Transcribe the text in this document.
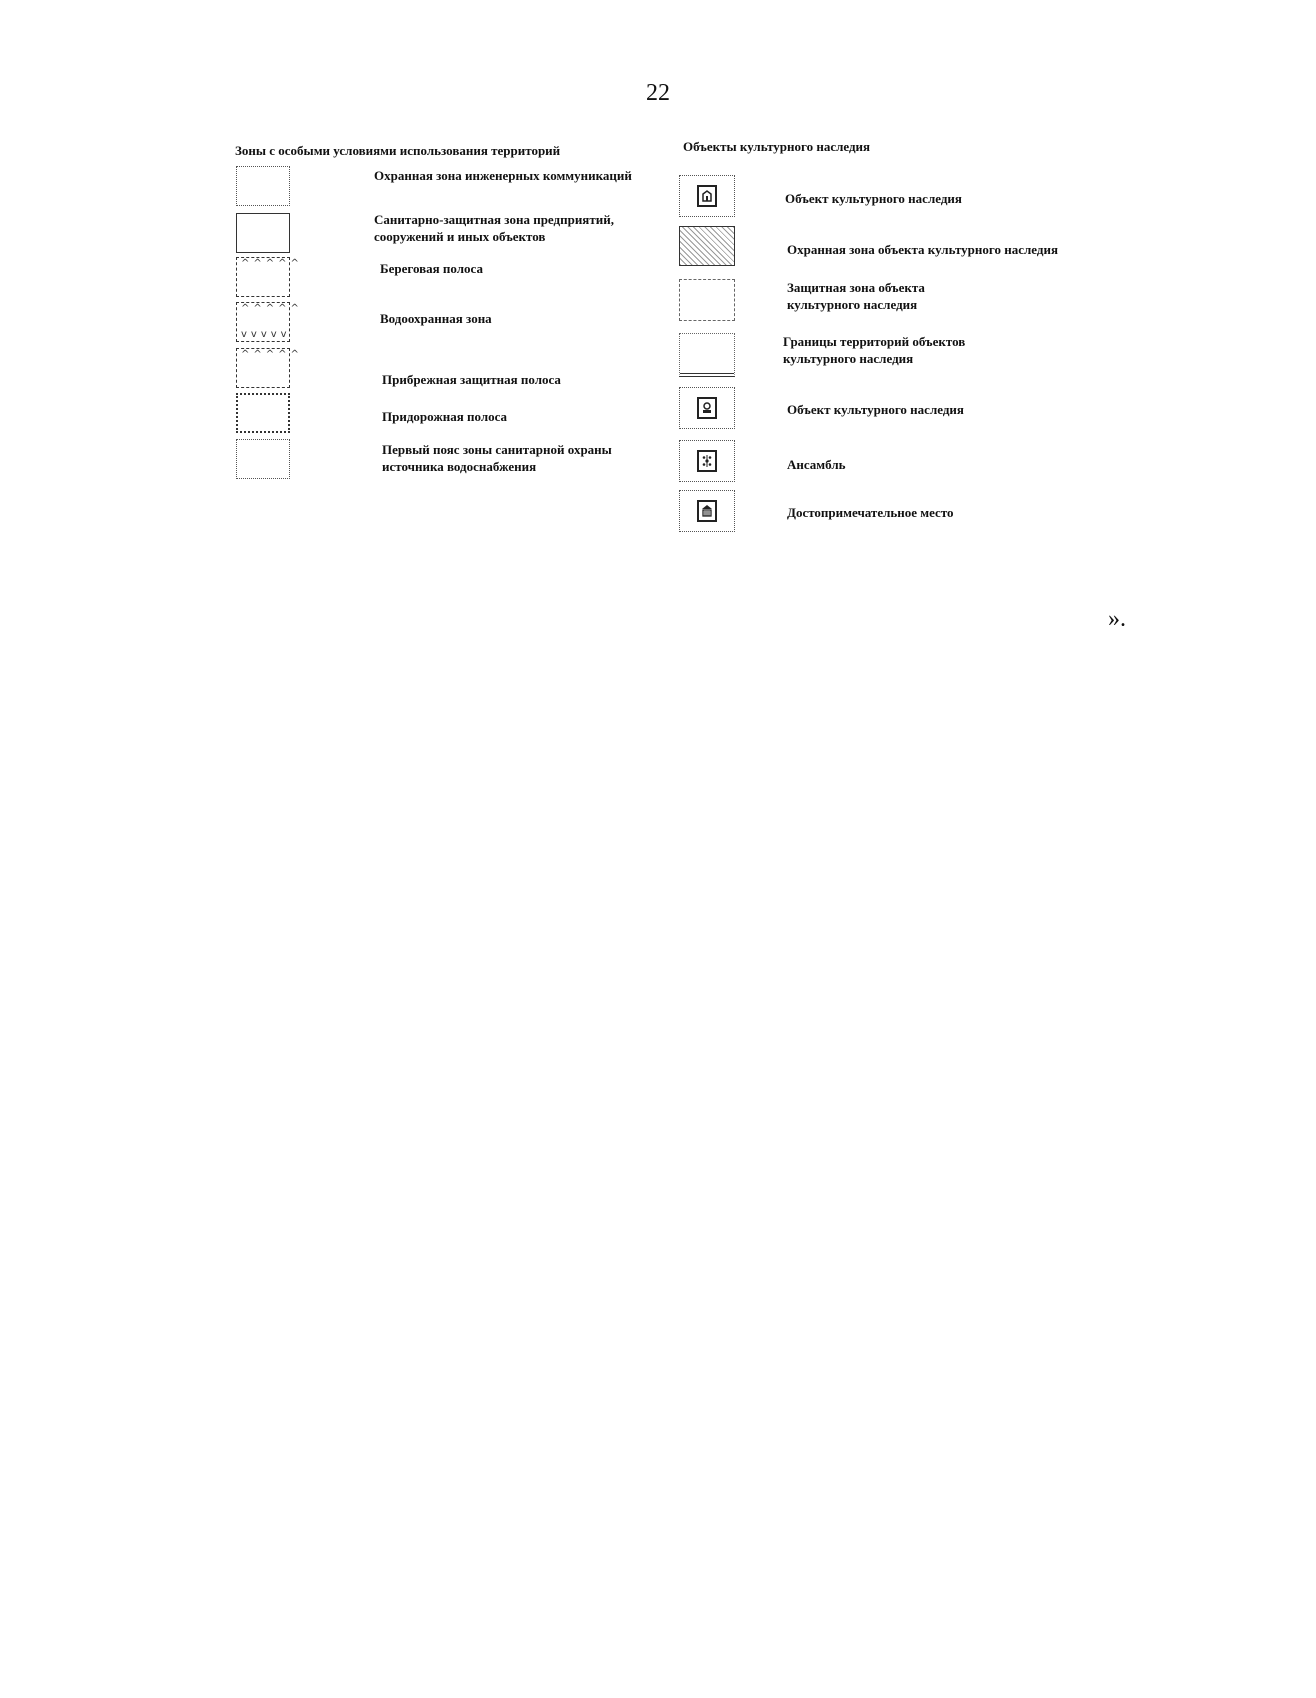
22
Зоны с особыми условиями использования территорий
Охранная зона инженерных коммуникаций
Санитарно-защитная зона предприятий,
сооружений и иных объектов
^^^^^	Береговая полоса
^^^^^
vvvvv
Водоохранная зона
^^^^^
Прибрежная защитная полоса
Придорожная полоса
Первый пояс зоны санитарной охраны
источника водоснабжения
Объекты культурного наследия
Объект культурного наследия
Охранная зона объекта культурного наследия
Защитная зона объекта
культурного наследия
Границы территорий объектов
культурного наследия
Объект культурного наследия
Ансамбль
Достопримечательное место
».
